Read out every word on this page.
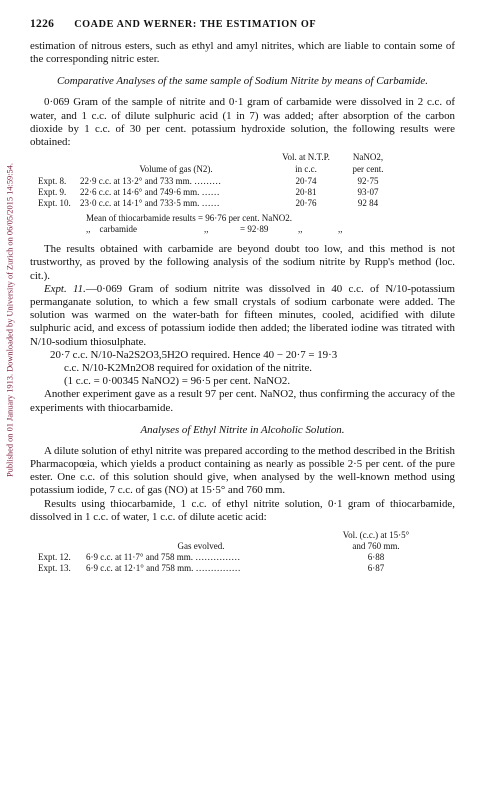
Published on 01 January 1913. Downloaded by University of Zurich on 06/05/2015 14:59:54.
1226 COADE AND WERNER: THE ESTIMATION OF

estimation of nitrous esters, such as ethyl and amyl nitrites, which are liable to contain some of the corresponding nitric ester.

Comparative Analyses of the same sample of Sodium Nitrite by means of Carbamide.

0·069 Gram of the sample of nitrite and 0·1 gram of carbamide were dissolved in 2 c.c. of water, and 1 c.c. of dilute sulphuric acid (1 in 7) was added; after absorption of the carbon dioxide by 1 c.c. of 30 per cent. potassium hydroxide solution, the following results were obtained:

Vol. at N.T.P.	NaNO2,
Volume of gas (N2).	in c.c.	per cent.
Expt. 8.	22·9 c.c. at 13·2° and 733 mm. ………	20·74	92·75
Expt. 9.	22·6 c.c. at 14·6° and 749·6 mm. ……	20·81	93·07
Expt. 10.	23·0 c.c. at 14·1° and 733·5 mm. ……	20·76	92 84
Mean of thiocarbamide results
= 96·76 per cent. NaNO2.
,,    carbamide	,,	= 92·89	,,	,,

The results obtained with carbamide are beyond doubt too low, and this method is not trustworthy, as proved by the following analysis of the sodium nitrite by Rupp's method (loc. cit.).

Expt. 11.—0·069 Gram of sodium nitrite was dissolved in 40 c.c. of N/10-potassium permanganate solution, to which a few small crystals of sodium carbonate were added. The solution was warmed on the water-bath for fifteen minutes, cooled, acidified with dilute sulphuric acid, and excess of potassium iodide then added; the liberated iodine was titrated with N/10-sodium thiosulphate.

20·7 c.c. N/10-Na2S2O3,5H2O required. Hence 40 − 20·7 = 19·3
c.c. N/10-K2Mn2O8 required for oxidation of the nitrite.
(1 c.c. = 0·00345 NaNO2) = 96·5 per cent. NaNO2.

Another experiment gave as a result 97 per cent. NaNO2, thus confirming the accuracy of the experiments with thiocarbamide.

Analyses of Ethyl Nitrite in Alcoholic Solution.

A dilute solution of ethyl nitrite was prepared according to the method described in the British Pharmacopœia, which yields a product containing as nearly as possible 2·5 per cent. of the pure ester. One c.c. of this solution should give, when analysed by the well-known method using potassium iodide, 7 c.c. of gas (NO) at 15·5° and 760 mm.

Results using thiocarbamide, 1 c.c. of ethyl nitrite solution, 0·1 gram of thiocarbamide, dissolved in 1 c.c. of water, 1 c.c. of dilute acetic acid:

Vol. (c.c.) at 15·5°
Gas evolved.	and 760 mm.
Expt. 12.	6·9 c.c. at 11·7° and 758 mm. ……………	6·88
Expt. 13.	6·9 c.c. at 12·1° and 758 mm. ……………	6·87
